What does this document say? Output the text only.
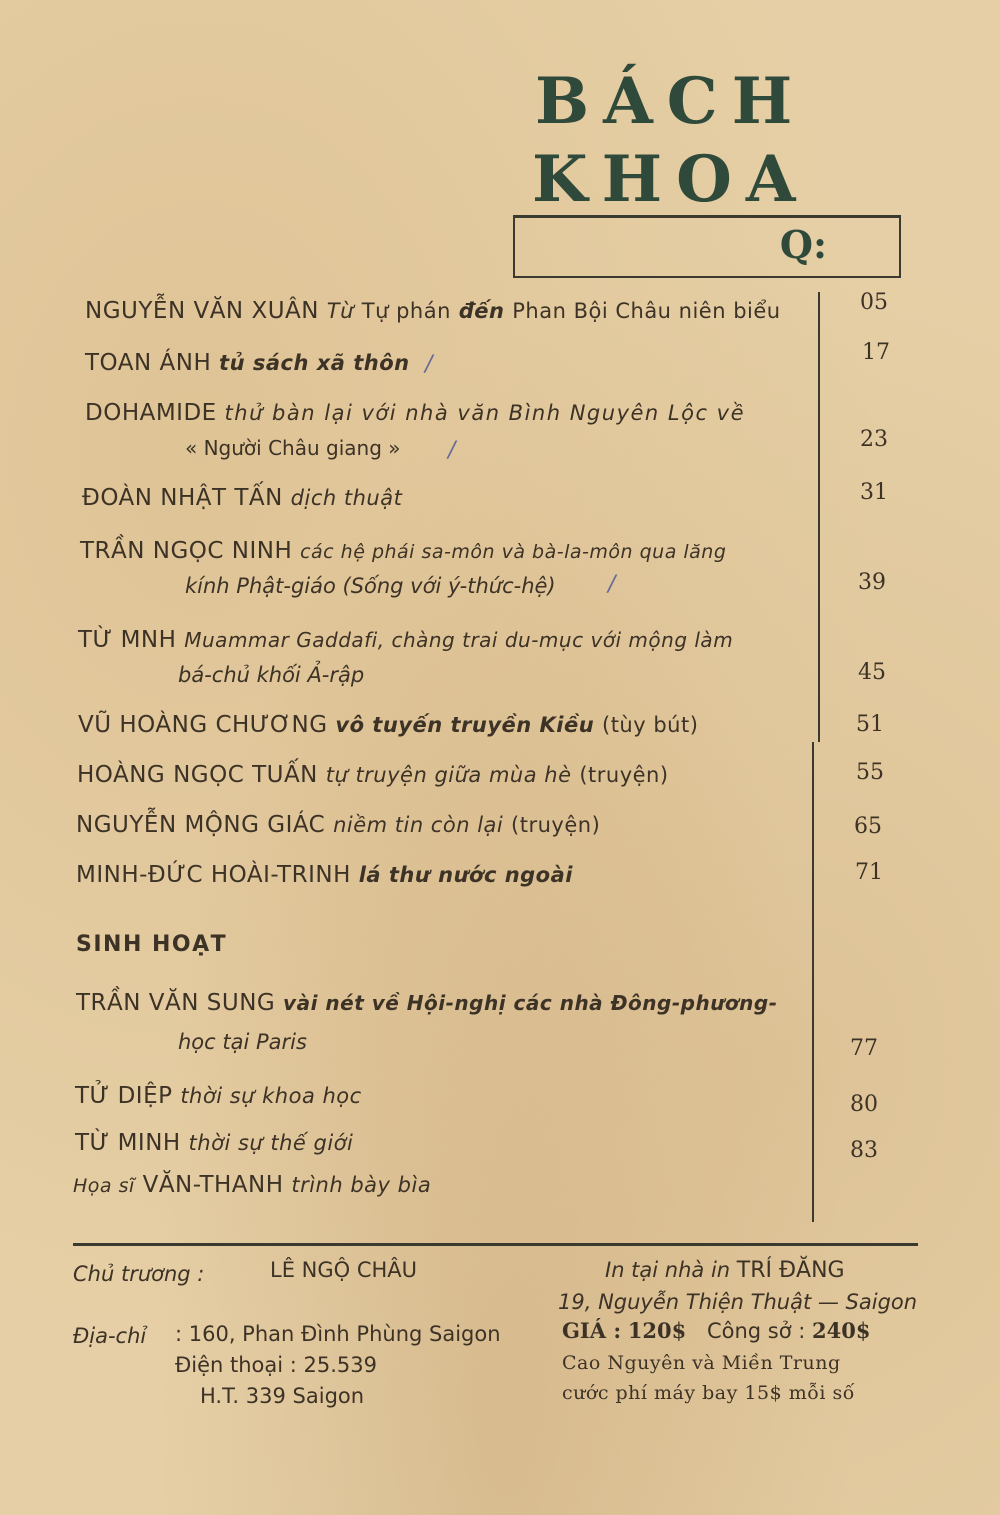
BÁCH
KHOA
Q:
NGUYỄN VĂN XUÂN Từ Tự phán đến Phan Bội Châu niên biểu	05
TOAN ÁNH tủ sách xã thôn /	17
DOHAMIDE thử bàn lại với nhà văn Bình Nguyên Lộc về
« Người Châu giang » /	23
ĐOÀN NHẬT TẤN dịch thuật	31
TRẦN NGỌC NINH các hệ phái sa-môn và bà-la-môn qua lăng
kính Phật-giáo (Sống với ý-thức-hệ) /	39
TỪ MNH Muammar Gaddafi, chàng trai du-mục với mộng làm
bá-chủ khối Ả-rập	45
VŨ HOÀNG CHƯƠNG vô tuyến truyền Kiều (tùy bút)	51
HOÀNG NGỌC TUẤN tự truyện giữa mùa hè (truyện)	55
NGUYỄN MỘNG GIÁC niềm tin còn lại (truyện)	65
MINH-ĐỨC HOÀI-TRINH lá thư nước ngoài	71
SINH HOẠT
TRẦN VĂN SUNG vài nét về Hội-nghị các nhà Đông-phương-
học tại Paris	77
TỬ DIỆP thời sự khoa học	80
TỪ MINH thời sự thế giới	83
Họa sĩ VĂN-THANH trình bày bìa
Chủ trương :	LÊ NGỘ CHÂU
Địa-chỉ : 160, Phan Đình Phùng Saigon
Điện thoại : 25.539
H.T. 339 Saigon
In tại nhà in TRÍ ĐĂNG
19, Nguyễn Thiện Thuật — Saigon
GIÁ : 120$ Công sở : 240$
Cao Nguyên và Miền Trung
cước phí máy bay 15$ mỗi số
